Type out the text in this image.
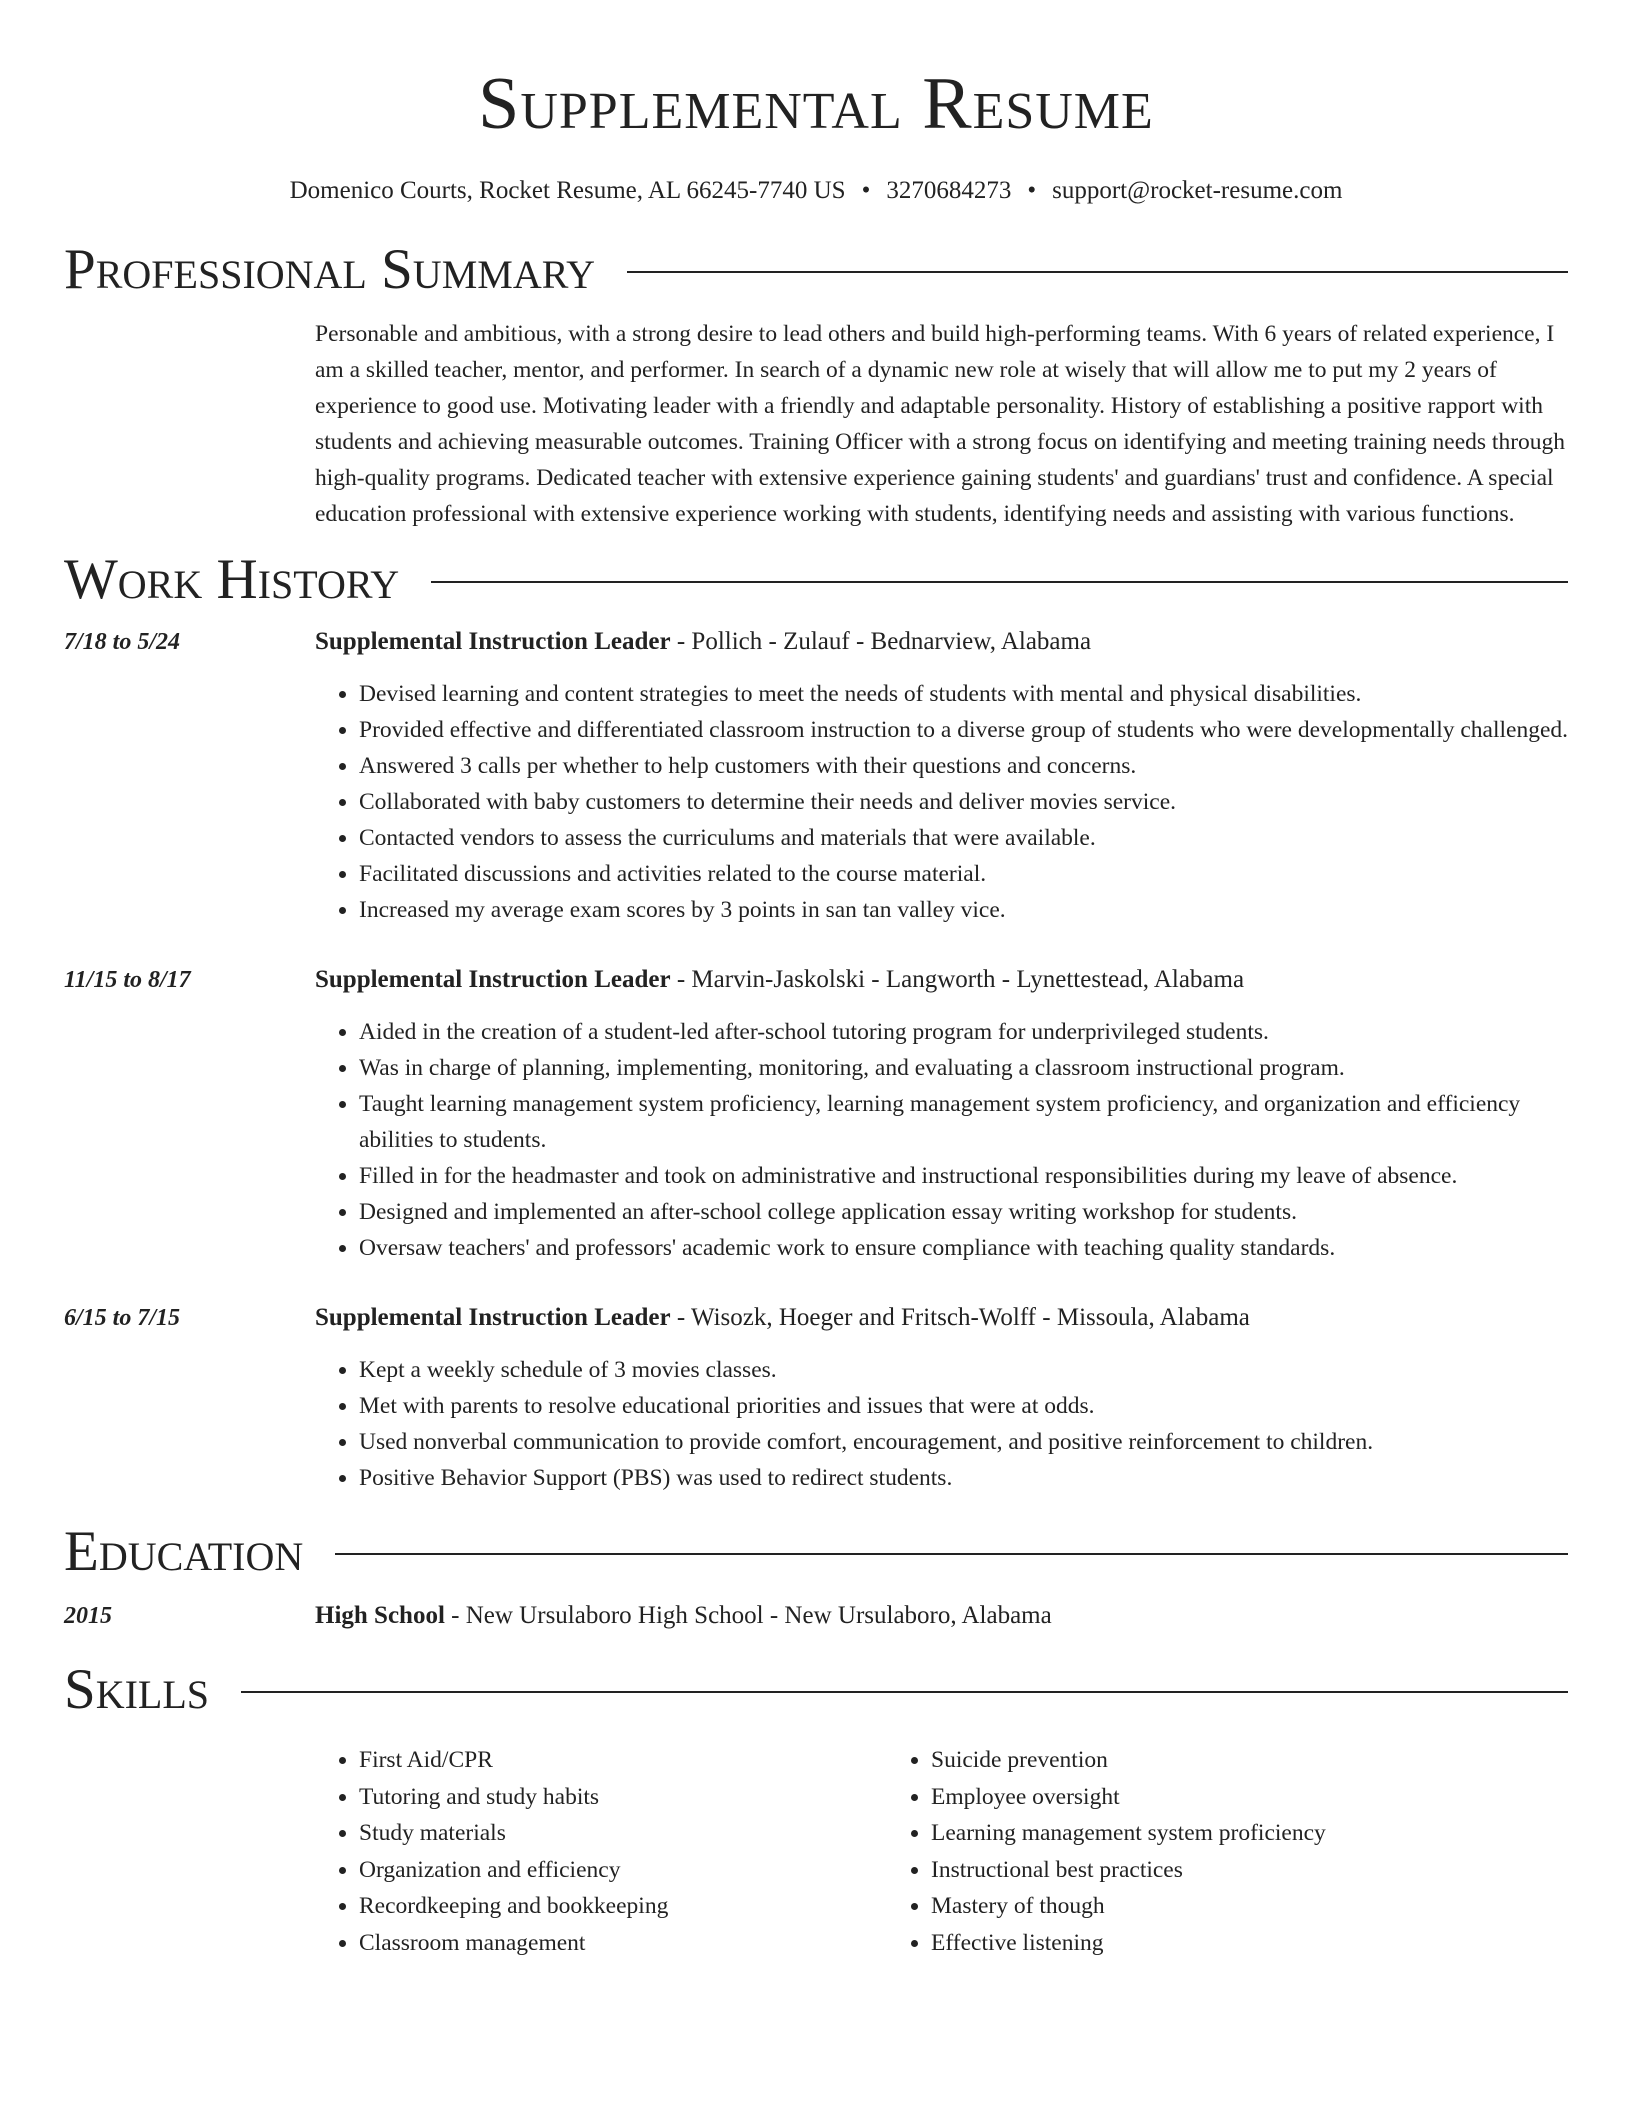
Supplemental Resume
Domenico Courts, Rocket Resume, AL 66245-7740 US • 3270684273 • support@rocket-resume.com
Professional Summary
Personable and ambitious, with a strong desire to lead others and build high-performing teams. With 6 years of related experience, I am a skilled teacher, mentor, and performer. In search of a dynamic new role at wisely that will allow me to put my 2 years of experience to good use. Motivating leader with a friendly and adaptable personality. History of establishing a positive rapport with students and achieving measurable outcomes. Training Officer with a strong focus on identifying and meeting training needs through high-quality programs. Dedicated teacher with extensive experience gaining students' and guardians' trust and confidence. A special education professional with extensive experience working with students, identifying needs and assisting with various functions.
Work History
7/18 to 5/24	Supplemental Instruction Leader - Pollich - Zulauf - Bednarview, Alabama
• Devised learning and content strategies to meet the needs of students with mental and physical disabilities.
• Provided effective and differentiated classroom instruction to a diverse group of students who were developmentally challenged.
• Answered 3 calls per whether to help customers with their questions and concerns.
• Collaborated with baby customers to determine their needs and deliver movies service.
• Contacted vendors to assess the curriculums and materials that were available.
• Facilitated discussions and activities related to the course material.
• Increased my average exam scores by 3 points in san tan valley vice.
11/15 to 8/17	Supplemental Instruction Leader - Marvin-Jaskolski - Langworth - Lynettestead, Alabama
• Aided in the creation of a student-led after-school tutoring program for underprivileged students.
• Was in charge of planning, implementing, monitoring, and evaluating a classroom instructional program.
• Taught learning management system proficiency, learning management system proficiency, and organization and efficiency abilities to students.
• Filled in for the headmaster and took on administrative and instructional responsibilities during my leave of absence.
• Designed and implemented an after-school college application essay writing workshop for students.
• Oversaw teachers' and professors' academic work to ensure compliance with teaching quality standards.
6/15 to 7/15	Supplemental Instruction Leader - Wisozk, Hoeger and Fritsch-Wolff - Missoula, Alabama
• Kept a weekly schedule of 3 movies classes.
• Met with parents to resolve educational priorities and issues that were at odds.
• Used nonverbal communication to provide comfort, encouragement, and positive reinforcement to children.
• Positive Behavior Support (PBS) was used to redirect students.
Education
2015	High School - New Ursulaboro High School - New Ursulaboro, Alabama
Skills
• First Aid/CPR
• Tutoring and study habits
• Study materials
• Organization and efficiency
• Recordkeeping and bookkeeping
• Classroom management
• Suicide prevention
• Employee oversight
• Learning management system proficiency
• Instructional best practices
• Mastery of though
• Effective listening
